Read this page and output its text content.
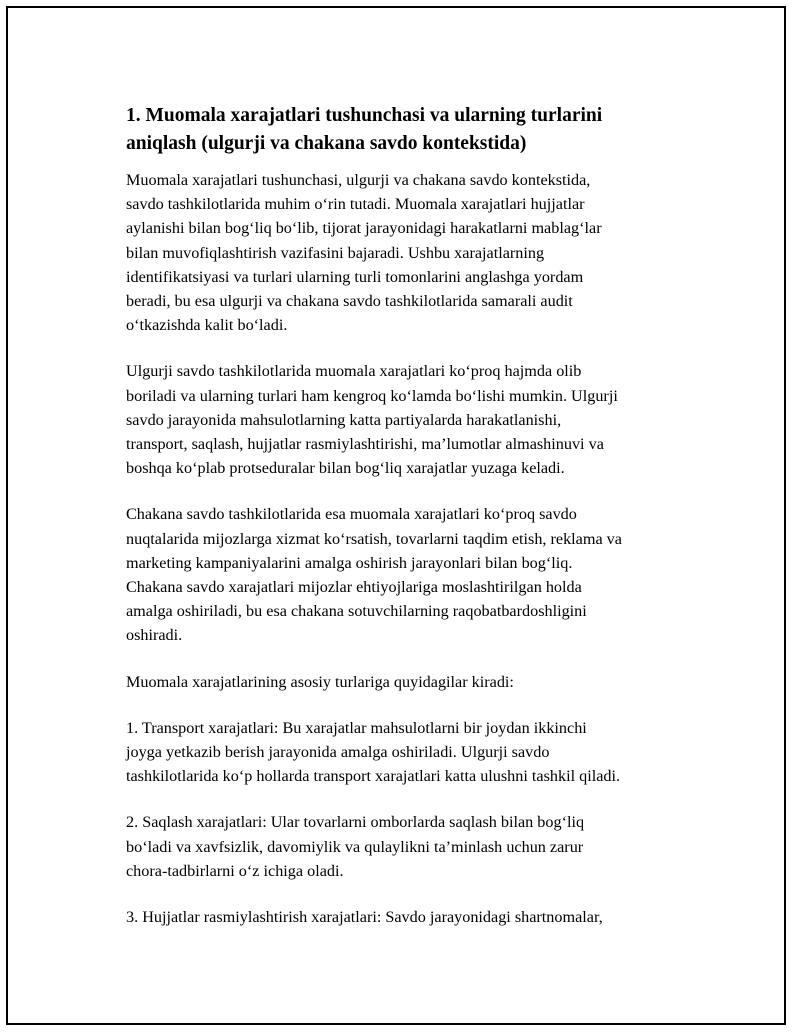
1. Muomala xarajatlari tushunchasi va ularning turlarini
aniqlash (ulgurji va chakana savdo kontekstida)

Muomala xarajatlari tushunchasi, ulgurji va chakana savdo kontekstida,
savdo tashkilotlarida muhim o‘rin tutadi. Muomala xarajatlari hujjatlar
aylanishi bilan bog‘liq bo‘lib, tijorat jarayonidagi harakatlarni mablag‘lar
bilan muvofiqlashtirish vazifasini bajaradi. Ushbu xarajatlarning
identifikatsiyasi va turlari ularning turli tomonlarini anglashga yordam
beradi, bu esa ulgurji va chakana savdo tashkilotlarida samarali audit
o‘tkazishda kalit bo‘ladi.

Ulgurji savdo tashkilotlarida muomala xarajatlari ko‘proq hajmda olib
boriladi va ularning turlari ham kengroq ko‘lamda bo‘lishi mumkin. Ulgurji
savdo jarayonida mahsulotlarning katta partiyalarda harakatlanishi,
transport, saqlash, hujjatlar rasmiylashtirishi, ma’lumotlar almashinuvi va
boshqa ko‘plab protseduralar bilan bog‘liq xarajatlar yuzaga keladi.

Chakana savdo tashkilotlarida esa muomala xarajatlari ko‘proq savdo
nuqtalarida mijozlarga xizmat ko‘rsatish, tovarlarni taqdim etish, reklama va
marketing kampaniyalarini amalga oshirish jarayonlari bilan bog‘liq.
Chakana savdo xarajatlari mijozlar ehtiyojlariga moslashtirilgan holda
amalga oshiriladi, bu esa chakana sotuvchilarning raqobatbardoshligini
oshiradi.

Muomala xarajatlarining asosiy turlariga quyidagilar kiradi:

1. Transport xarajatlari: Bu xarajatlar mahsulotlarni bir joydan ikkinchi
joyga yetkazib berish jarayonida amalga oshiriladi. Ulgurji savdo
tashkilotlarida ko‘p hollarda transport xarajatlari katta ulushni tashkil qiladi.

2. Saqlash xarajatlari: Ular tovarlarni omborlarda saqlash bilan bog‘liq
bo‘ladi va xavfsizlik, davomiylik va qulaylikni ta’minlash uchun zarur
chora-tadbirlarni o‘z ichiga oladi.

3. Hujjatlar rasmiylashtirish xarajatlari: Savdo jarayonidagi shartnomalar,
